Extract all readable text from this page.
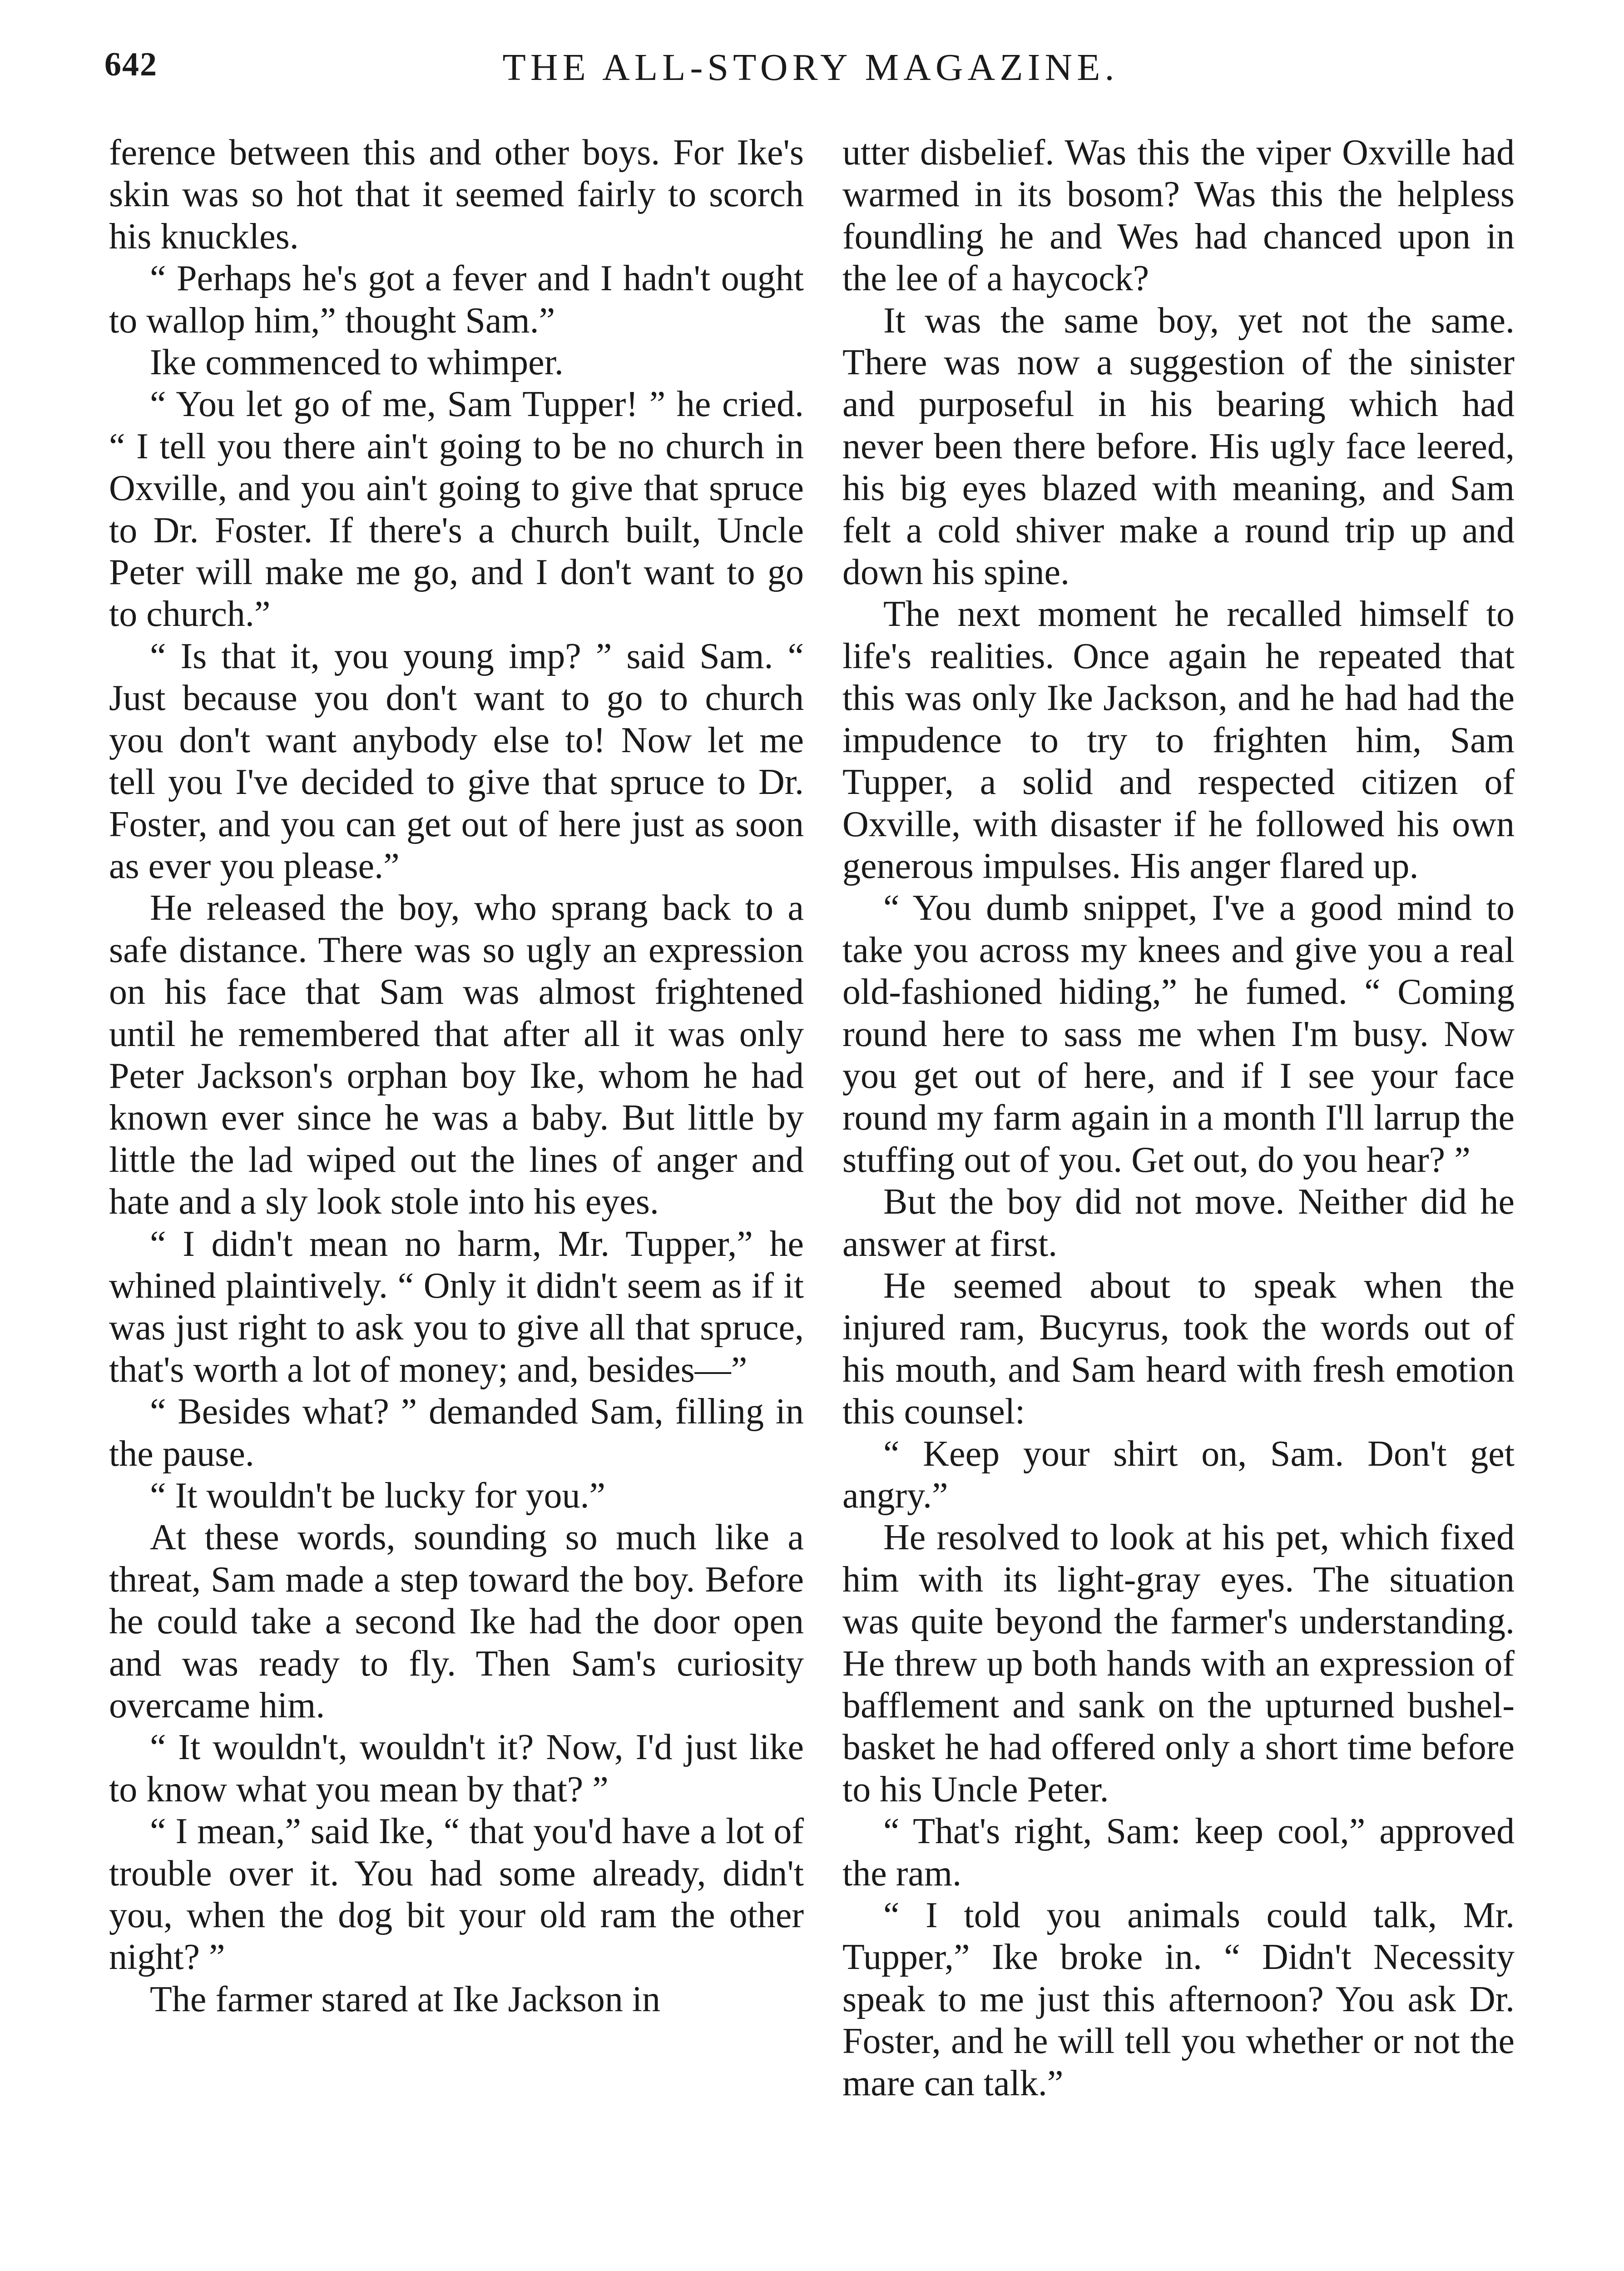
642	THE ALL-STORY MAGAZINE.

ference between this and other boys. For Ike's skin was so hot that it seemed fairly to scorch his knuckles.

“ Perhaps he's got a fever and I hadn't ought to wallop him,” thought Sam.”

Ike commenced to whimper.

“ You let go of me, Sam Tupper! ” he cried. “ I tell you there ain't going to be no church in Oxville, and you ain't going to give that spruce to Dr. Foster. If there's a church built, Uncle Peter will make me go, and I don't want to go to church.”

“ Is that it, you young imp? ” said Sam. “ Just because you don't want to go to church you don't want anybody else to! Now let me tell you I've decided to give that spruce to Dr. Foster, and you can get out of here just as soon as ever you please.”

He released the boy, who sprang back to a safe distance. There was so ugly an expression on his face that Sam was almost frightened until he remembered that after all it was only Peter Jackson's orphan boy Ike, whom he had known ever since he was a baby. But little by little the lad wiped out the lines of anger and hate and a sly look stole into his eyes.

“ I didn't mean no harm, Mr. Tupper,” he whined plaintively. “ Only it didn't seem as if it was just right to ask you to give all that spruce, that's worth a lot of money; and, besides—”

“ Besides what? ” demanded Sam, filling in the pause.

“ It wouldn't be lucky for you.”

At these words, sounding so much like a threat, Sam made a step toward the boy. Before he could take a second Ike had the door open and was ready to fly. Then Sam's curiosity overcame him.

“ It wouldn't, wouldn't it? Now, I'd just like to know what you mean by that? ”

“ I mean,” said Ike, “ that you'd have a lot of trouble over it. You had some already, didn't you, when the dog bit your old ram the other night? ”

The farmer stared at Ike Jackson in

utter disbelief. Was this the viper Oxville had warmed in its bosom? Was this the helpless foundling he and Wes had chanced upon in the lee of a haycock?

It was the same boy, yet not the same. There was now a suggestion of the sinister and purposeful in his bearing which had never been there before. His ugly face leered, his big eyes blazed with meaning, and Sam felt a cold shiver make a round trip up and down his spine.

The next moment he recalled himself to life's realities. Once again he repeated that this was only Ike Jackson, and he had had the impudence to try to frighten him, Sam Tupper, a solid and respected citizen of Oxville, with disaster if he followed his own generous impulses. His anger flared up.

“ You dumb snippet, I've a good mind to take you across my knees and give you a real old-fashioned hiding,” he fumed. “ Coming round here to sass me when I'm busy. Now you get out of here, and if I see your face round my farm again in a month I'll larrup the stuffing out of you. Get out, do you hear? ”

But the boy did not move. Neither did he answer at first.

He seemed about to speak when the injured ram, Bucyrus, took the words out of his mouth, and Sam heard with fresh emotion this counsel:

“ Keep your shirt on, Sam. Don't get angry.”

He resolved to look at his pet, which fixed him with its light-gray eyes. The situation was quite beyond the farmer's understanding. He threw up both hands with an expression of bafflement and sank on the upturned bushel-basket he had offered only a short time before to his Uncle Peter.

“ That's right, Sam: keep cool,” approved the ram.

“ I told you animals could talk, Mr. Tupper,” Ike broke in. “ Didn't Necessity speak to me just this afternoon? You ask Dr. Foster, and he will tell you whether or not the mare can talk.”
